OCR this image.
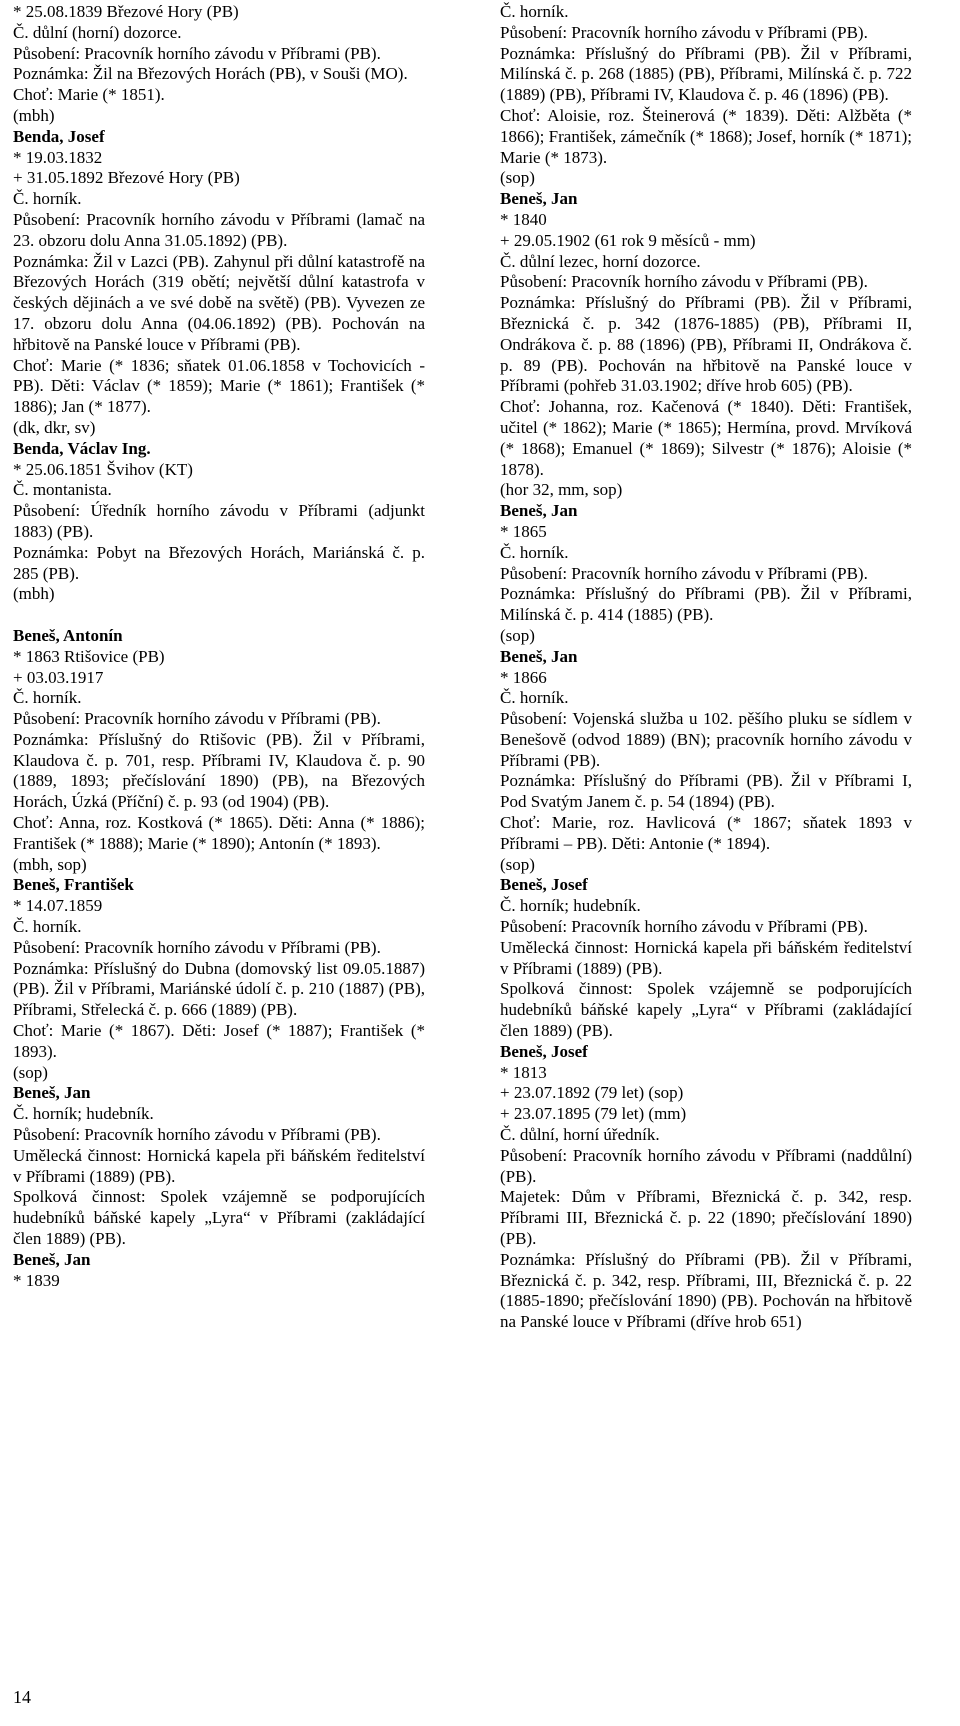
* 25.08.1839 Březové Hory (PB)

Č. důlní (horní) dozorce.

Působení: Pracovník horního závodu v Příbrami (PB).

Poznámka: Žil na Březových Horách (PB), v Souši (MO).

Choť: Marie (* 1851).

(mbh)

Benda, Josef

* 19.03.1832

+ 31.05.1892 Březové Hory (PB)

Č. horník.

Působení: Pracovník horního závodu v Příbrami (lamač na 23. obzoru dolu Anna 31.05.1892) (PB).

Poznámka: Žil v Lazci (PB). Zahynul při důlní katastrofě na Březových Horách (319 obětí; největší důlní katastrofa v českých dějinách a ve své době na světě) (PB). Vyvezen ze 17. obzoru dolu Anna (04.06.1892) (PB). Pochován na hřbitově na Panské louce v Příbrami (PB).

Choť: Marie (* 1836; sňatek 01.06.1858 v Tochovicích - PB). Děti: Václav (* 1859); Marie (* 1861); František (* 1886); Jan (* 1877).

(dk, dkr, sv)

Benda, Václav Ing.

* 25.06.1851 Švihov (KT)

Č. montanista.

Působení: Úředník horního závodu v Příbrami (adjunkt 1883) (PB).

Poznámka: Pobyt na Březových Horách, Mariánská č. p. 285 (PB).

(mbh)

Beneš, Antonín

* 1863 Rtišovice (PB)

+ 03.03.1917

Č. horník.

Působení: Pracovník horního závodu v Příbrami (PB).

Poznámka: Příslušný do Rtišovic (PB). Žil v Příbrami, Klaudova č. p. 701, resp. Příbrami IV, Klaudova č. p. 90 (1889, 1893; přečíslování 1890) (PB), na Březových Horách, Úzká (Příční) č. p. 93 (od 1904) (PB).

Choť: Anna, roz. Kostková (* 1865). Děti: Anna (* 1886); František (* 1888); Marie (* 1890); Antonín (* 1893).

(mbh, sop)

Beneš, František

* 14.07.1859

Č. horník.

Působení: Pracovník horního závodu v Příbrami (PB).

Poznámka: Příslušný do Dubna (domovský list 09.05.1887) (PB). Žil v Příbrami, Mariánské údolí č. p. 210 (1887) (PB), Příbrami, Střelecká č. p. 666 (1889) (PB).

Choť: Marie (* 1867). Děti: Josef (* 1887); František (* 1893).

(sop)

Beneš, Jan

Č. horník; hudebník.

Působení: Pracovník horního závodu v Příbrami (PB).

Umělecká činnost: Hornická kapela při báňském ředitelství v Příbrami (1889) (PB).

Spolková činnost: Spolek vzájemně se podporujících hudebníků báňské kapely „Lyra“ v Příbrami (zakládající člen 1889) (PB).

Beneš, Jan

* 1839

Č. horník.

Působení: Pracovník horního závodu v Příbrami (PB).

Poznámka: Příslušný do Příbrami (PB). Žil v Příbrami, Milínská č. p. 268 (1885) (PB), Příbrami, Milínská č. p. 722 (1889) (PB), Příbrami IV, Klaudova č. p. 46 (1896) (PB).

Choť: Aloisie, roz. Šteinerová (* 1839). Děti: Alžběta (* 1866); František, zámečník (* 1868); Josef, horník (* 1871); Marie (* 1873).

(sop)

Beneš, Jan

* 1840

+ 29.05.1902 (61 rok 9 měsíců - mm)

Č. důlní lezec, horní dozorce.

Působení: Pracovník horního závodu v Příbrami (PB).

Poznámka: Příslušný do Příbrami (PB). Žil v Příbrami, Březnická č. p. 342 (1876-1885) (PB), Příbrami II, Ondrákova č. p. 88 (1896) (PB), Příbrami II, Ondrákova č. p. 89 (PB). Pochován na hřbitově na Panské louce v Příbrami (pohřeb 31.03.1902; dříve hrob 605) (PB).

Choť: Johanna, roz. Kačenová (* 1840). Děti: František, učitel (* 1862); Marie (* 1865); Hermína, provd. Mrvíková (* 1868); Emanuel (* 1869); Silvestr (* 1876); Aloisie (* 1878).

(hor 32, mm, sop)

Beneš, Jan

* 1865

Č. horník.

Působení: Pracovník horního závodu v Příbrami (PB).

Poznámka: Příslušný do Příbrami (PB). Žil v Příbrami, Milínská č. p. 414 (1885) (PB).

(sop)

Beneš, Jan

* 1866

Č. horník.

Působení: Vojenská služba u 102. pěšího pluku se sídlem v Benešově (odvod 1889) (BN); pracovník horního závodu v Příbrami (PB).

Poznámka: Příslušný do Příbrami (PB). Žil v Příbrami I, Pod Svatým Janem č. p. 54 (1894) (PB).

Choť: Marie, roz. Havlicová (* 1867; sňatek 1893 v Příbrami – PB). Děti: Antonie (* 1894).

(sop)

Beneš, Josef

Č. horník; hudebník.

Působení: Pracovník horního závodu v Příbrami (PB).

Umělecká činnost: Hornická kapela při báňském ředitelství v Příbrami (1889) (PB).

Spolková činnost: Spolek vzájemně se podporujících hudebníků báňské kapely „Lyra“ v Příbrami (zakládající člen 1889) (PB).

Beneš, Josef

* 1813

+ 23.07.1892 (79 let) (sop)

+ 23.07.1895 (79 let) (mm)

Č. důlní, horní úředník.

Působení: Pracovník horního závodu v Příbrami (naddůlní) (PB).

Majetek: Dům v Příbrami, Březnická č. p. 342, resp. Příbrami III, Březnická č. p. 22 (1890; přečíslování 1890) (PB).

Poznámka: Příslušný do Příbrami (PB). Žil v Příbrami, Březnická č. p. 342, resp. Příbrami, III, Březnická č. p. 22 (1885-1890; přečíslování 1890) (PB). Pochován na hřbitově na Panské louce v Příbrami (dříve hrob 651)

14
